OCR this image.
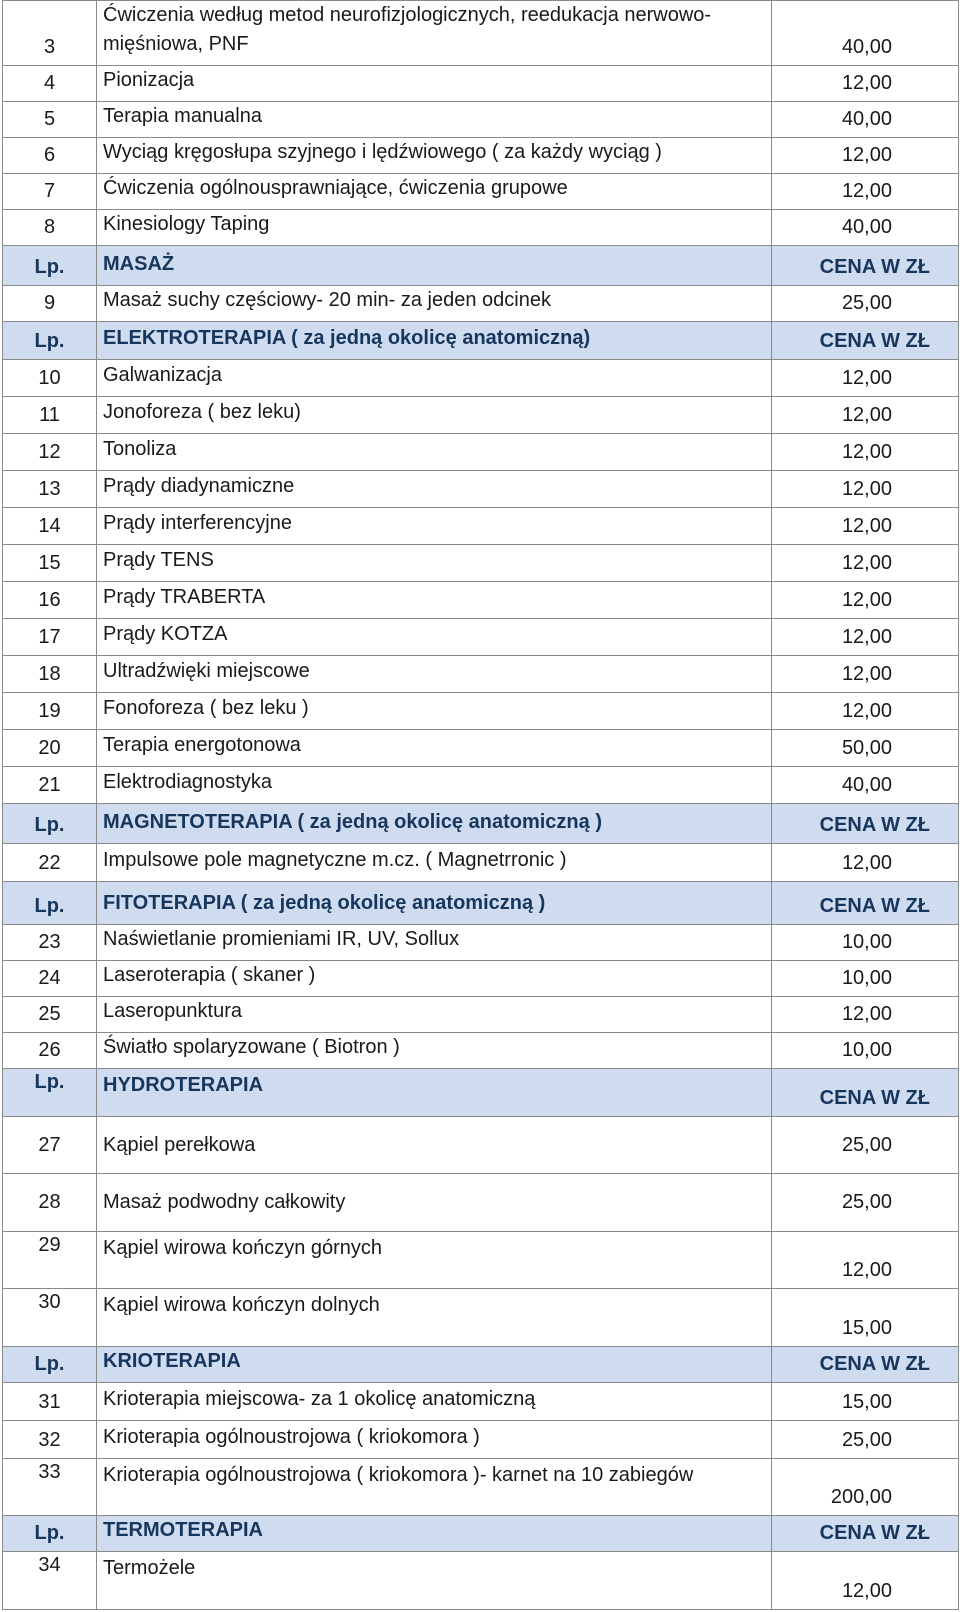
3	Ćwiczenia według metod neurofizjologicznych, reedukacja nerwowo-mięśniowa, PNF	40,00
4	Pionizacja	12,00
5	Terapia manualna	40,00
6	Wyciąg kręgosłupa szyjnego i lędźwiowego ( za każdy wyciąg )	12,00
7	Ćwiczenia ogólnousprawniające, ćwiczenia grupowe	12,00
8	Kinesiology Taping	40,00
Lp.	MASAŻ	CENA W ZŁ
9	Masaż suchy częściowy- 20 min- za jeden odcinek	25,00
Lp.	ELEKTROTERAPIA ( za jedną okolicę anatomiczną)	CENA W ZŁ
10	Galwanizacja	12,00
11	Jonoforeza ( bez leku)	12,00
12	Tonoliza	12,00
13	Prądy diadynamiczne	12,00
14	Prądy interferencyjne	12,00
15	Prądy TENS	12,00
16	Prądy TRABERTA	12,00
17	Prądy KOTZA	12,00
18	Ultradźwięki miejscowe	12,00
19	Fonoforeza ( bez leku )	12,00
20	Terapia energotonowa	50,00
21	Elektrodiagnostyka	40,00
Lp.	MAGNETOTERAPIA ( za jedną okolicę anatomiczną )	CENA W ZŁ
22	Impulsowe pole magnetyczne m.cz. ( Magnetrronic )	12,00
Lp.	FITOTERAPIA ( za jedną okolicę anatomiczną )	CENA W ZŁ
23	Naświetlanie promieniami IR, UV, Sollux	10,00
24	Laseroterapia ( skaner )	10,00
25	Laseropunktura	12,00
26	Światło spolaryzowane ( Biotron )	10,00
Lp.	HYDROTERAPIA	CENA W ZŁ
27	Kąpiel perełkowa	25,00
28	Masaż podwodny całkowity	25,00
29	Kąpiel wirowa kończyn górnych	12,00
30	Kąpiel wirowa kończyn dolnych	15,00
Lp.	KRIOTERAPIA	CENA W ZŁ
31	Krioterapia miejscowa- za 1 okolicę anatomiczną	15,00
32	Krioterapia ogólnoustrojowa ( kriokomora )	25,00
33	Krioterapia ogólnoustrojowa ( kriokomora )- karnet na 10 zabiegów	200,00
Lp.	TERMOTERAPIA	CENA W ZŁ
34	Termożele	12,00
